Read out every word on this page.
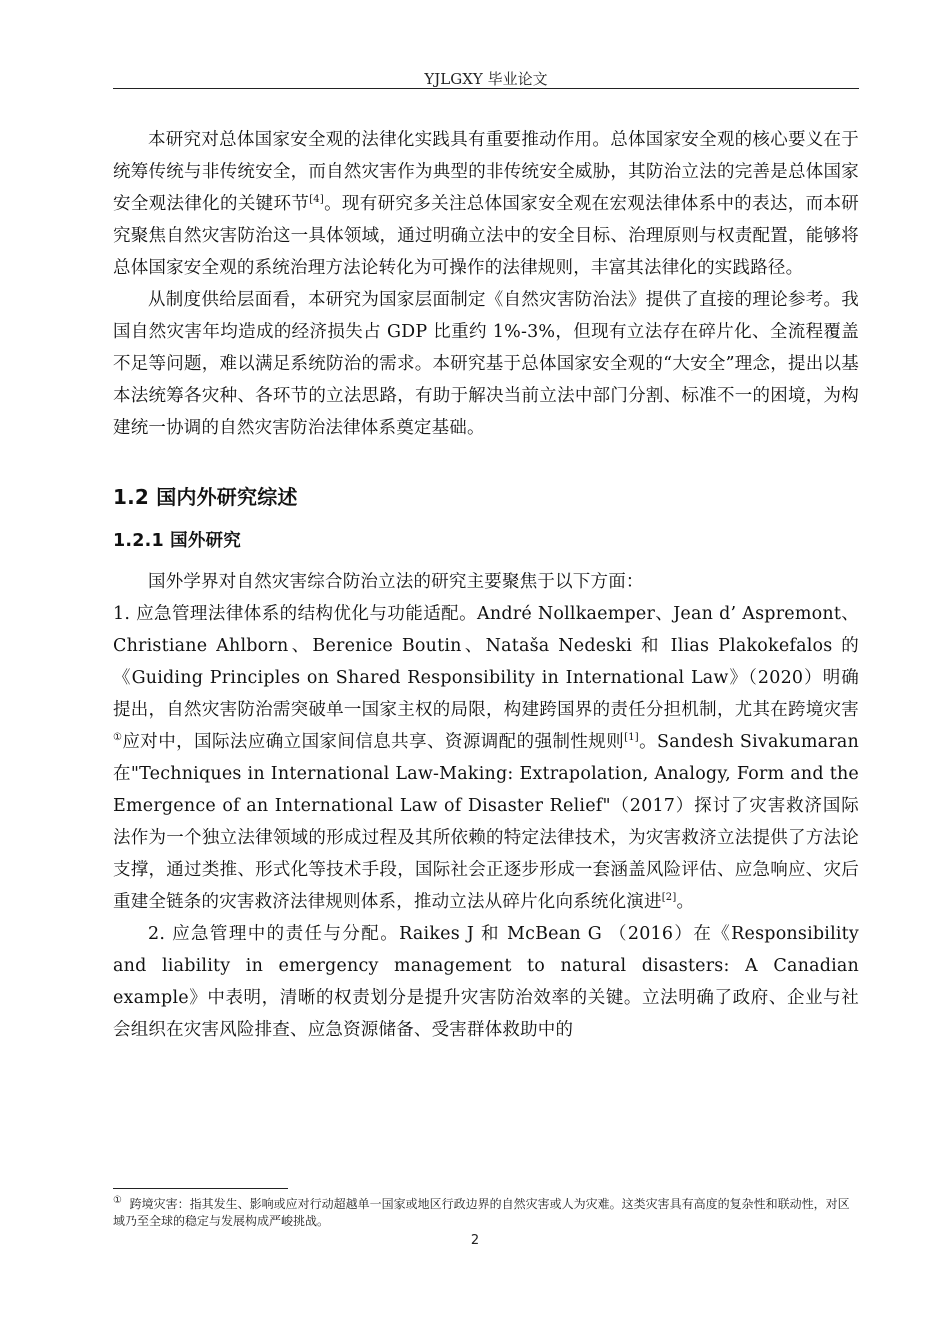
YJLGXY 毕业论文

本研究对总体国家安全观的法律化实践具有重要推动作用。总体国家安全观的核心要义在于统筹传统与非传统安全，而自然灾害作为典型的非传统安全威胁，其防治立法的完善是总体国家安全观法律化的关键环节[4]。现有研究多关注总体国家安全观在宏观法律体系中的表达，而本研究聚焦自然灾害防治这一具体领域，通过明确立法中的安全目标、治理原则与权责配置，能够将总体国家安全观的系统治理方法论转化为可操作的法律规则，丰富其法律化的实践路径。

从制度供给层面看，本研究为国家层面制定《自然灾害防治法》提供了直接的理论参考。我国自然灾害年均造成的经济损失占 GDP 比重约 1%-3%，但现有立法存在碎片化、全流程覆盖不足等问题，难以满足系统防治的需求。本研究基于总体国家安全观的“大安全”理念，提出以基本法统筹各灾种、各环节的立法思路，有助于解决当前立法中部门分割、标准不一的困境，为构建统一协调的自然灾害防治法律体系奠定基础。

1.2 国内外研究综述
1.2.1 国外研究

国外学界对自然灾害综合防治立法的研究主要聚焦于以下方面：

1. 应急管理法律体系的结构优化与功能适配。André Nollkaemper、Jean d’ Aspremont、Christiane Ahlborn、Berenice Boutin、Nataša Nedeski 和 Ilias Plakokefalos 的《Guiding Principles on Shared Responsibility in International Law》（2020）明确提出，自然灾害防治需突破单一国家主权的局限，构建跨国界的责任分担机制，尤其在跨境灾害①应对中，国际法应确立国家间信息共享、资源调配的强制性规则[1]。Sandesh Sivakumaran 在"Techniques in International Law-Making: Extrapolation, Analogy, Form and the Emergence of an International Law of Disaster Relief"（2017）探讨了灾害救济国际法作为一个独立法律领域的形成过程及其所依赖的特定法律技术，为灾害救济立法提供了方法论支撑，通过类推、形式化等技术手段，国际社会正逐步形成一套涵盖风险评估、应急响应、灾后重建全链条的灾害救济法律规则体系，推动立法从碎片化向系统化演进[2]。

2. 应急管理中的责任与分配。Raikes J 和 McBean G （2016）在《Responsibility and liability in emergency management to natural disasters: A Canadian example》中表明，清晰的权责划分是提升灾害防治效率的关键。立法明确了政府、企业与社会组织在灾害风险排查、应急资源储备、受害群体救助中的

① 跨境灾害：指其发生、影响或应对行动超越单一国家或地区行政边界的自然灾害或人为灾难。这类灾害具有高度的复杂性和联动性，对区域乃至全球的稳定与发展构成严峻挑战。
2
